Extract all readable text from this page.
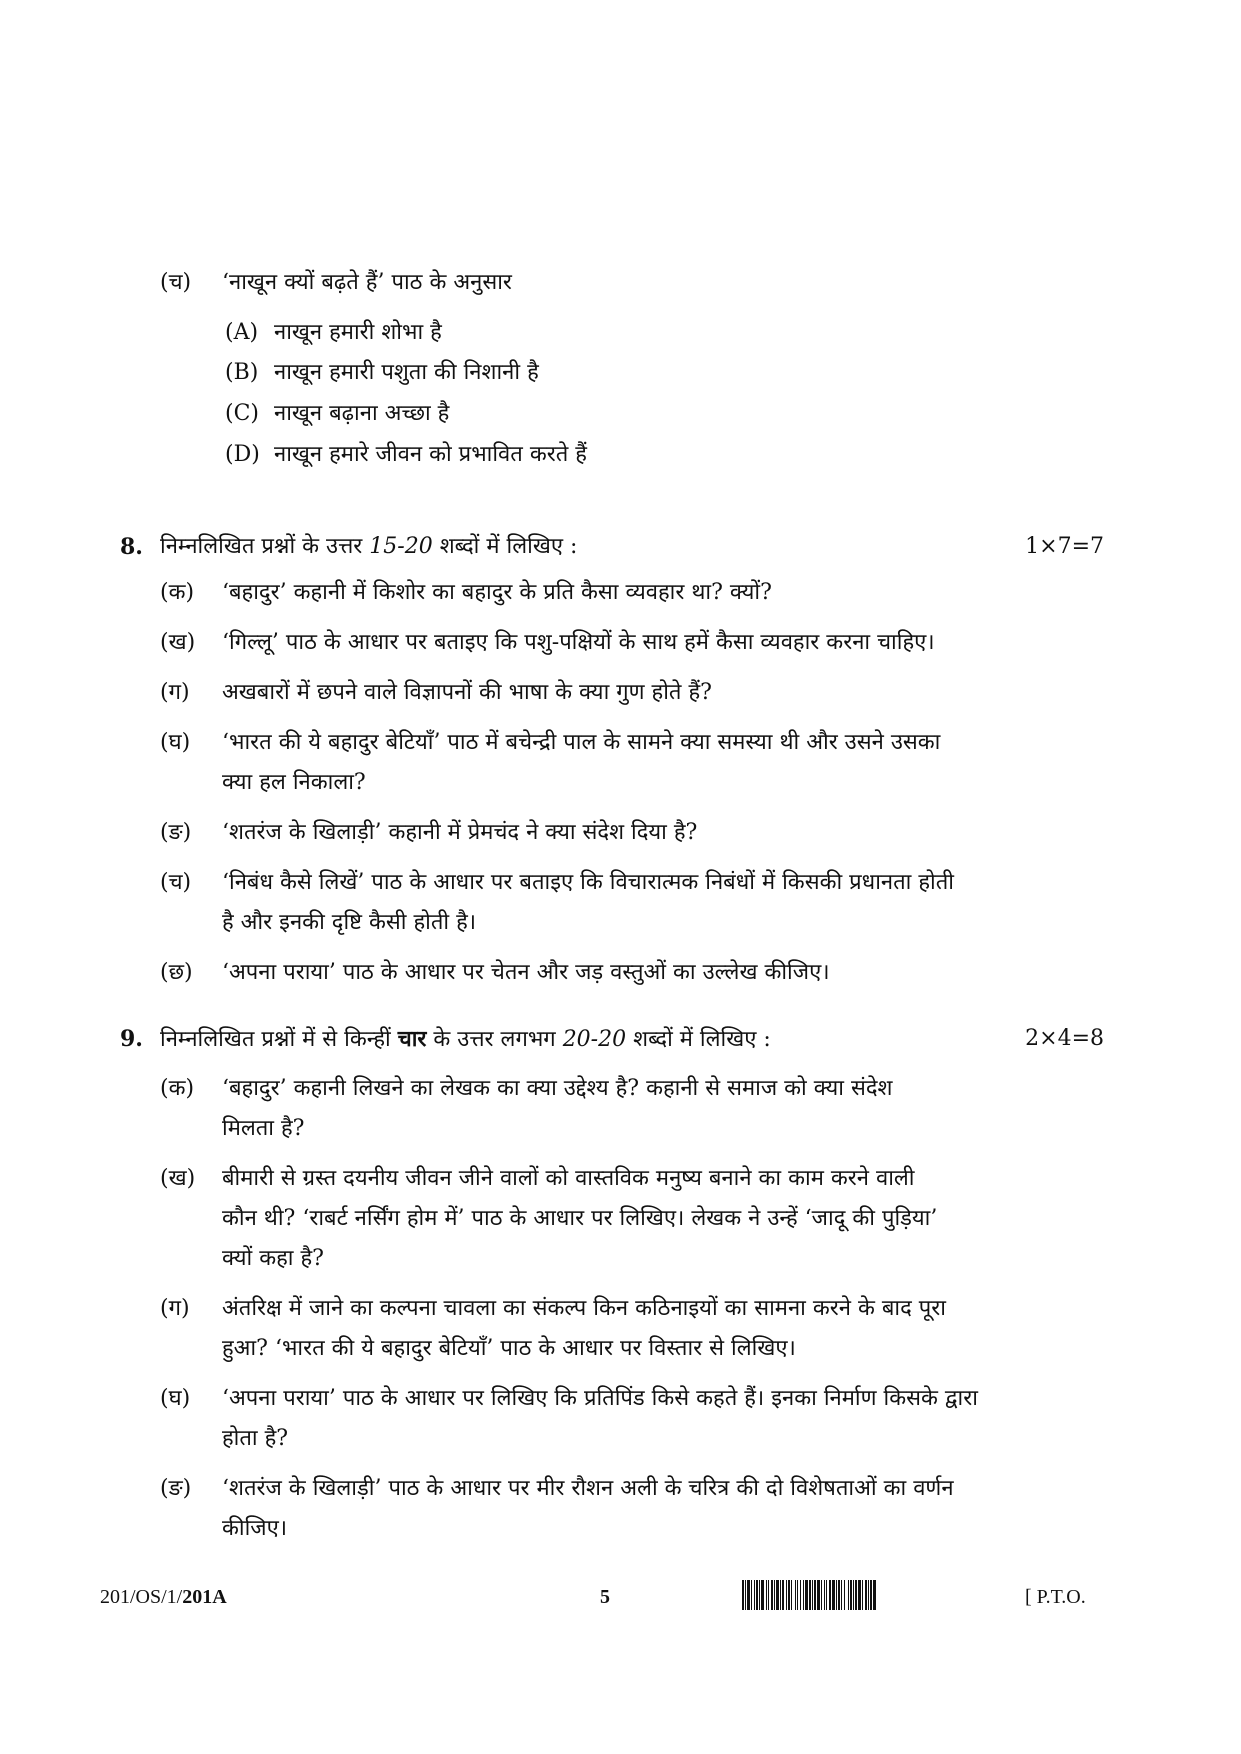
(च) ‘नाखून क्यों बढ़ते हैं’ पाठ के अनुसार
(A) नाखून हमारी शोभा है
(B) नाखून हमारी पशुता की निशानी है
(C) नाखून बढ़ाना अच्छा है
(D) नाखून हमारे जीवन को प्रभावित करते हैं
8. निम्नलिखित प्रश्नों के उत्तर 15-20 शब्दों में लिखिए :	1×7=7
(क) ‘बहादुर’ कहानी में किशोर का बहादुर के प्रति कैसा व्यवहार था? क्यों?
(ख) ‘गिल्लू’ पाठ के आधार पर बताइए कि पशु-पक्षियों के साथ हमें कैसा व्यवहार करना चाहिए।
(ग) अखबारों में छपने वाले विज्ञापनों की भाषा के क्या गुण होते हैं?
(घ) ‘भारत की ये बहादुर बेटियाँ’ पाठ में बचेन्द्री पाल के सामने क्या समस्या थी और उसने उसका
क्या हल निकाला?
(ङ) ‘शतरंज के खिलाड़ी’ कहानी में प्रेमचंद ने क्या संदेश दिया है?
(च) ‘निबंध कैसे लिखें’ पाठ के आधार पर बताइए कि विचारात्मक निबंधों में किसकी प्रधानता होती
है और इनकी दृष्टि कैसी होती है।
(छ) ‘अपना पराया’ पाठ के आधार पर चेतन और जड़ वस्तुओं का उल्लेख कीजिए।
9. निम्नलिखित प्रश्नों में से किन्हीं चार के उत्तर लगभग 20-20 शब्दों में लिखिए :	2×4=8
(क) ‘बहादुर’ कहानी लिखने का लेखक का क्या उद्देश्य है? कहानी से समाज को क्या संदेश
मिलता है?
(ख) बीमारी से ग्रस्त दयनीय जीवन जीने वालों को वास्तविक मनुष्य बनाने का काम करने वाली
कौन थी? ‘राबर्ट नर्सिंग होम में’ पाठ के आधार पर लिखिए। लेखक ने उन्हें ‘जादू की पुड़िया’
क्यों कहा है?
(ग) अंतरिक्ष में जाने का कल्पना चावला का संकल्प किन कठिनाइयों का सामना करने के बाद पूरा
हुआ? ‘भारत की ये बहादुर बेटियाँ’ पाठ के आधार पर विस्तार से लिखिए।
(घ) ‘अपना पराया’ पाठ के आधार पर लिखिए कि प्रतिपिंड किसे कहते हैं। इनका निर्माण किसके द्वारा
होता है?
(ङ) ‘शतरंज के खिलाड़ी’ पाठ के आधार पर मीर रौशन अली के चरित्र की दो विशेषताओं का वर्णन
कीजिए।
201/OS/1/201A	5	[ P.T.O.
